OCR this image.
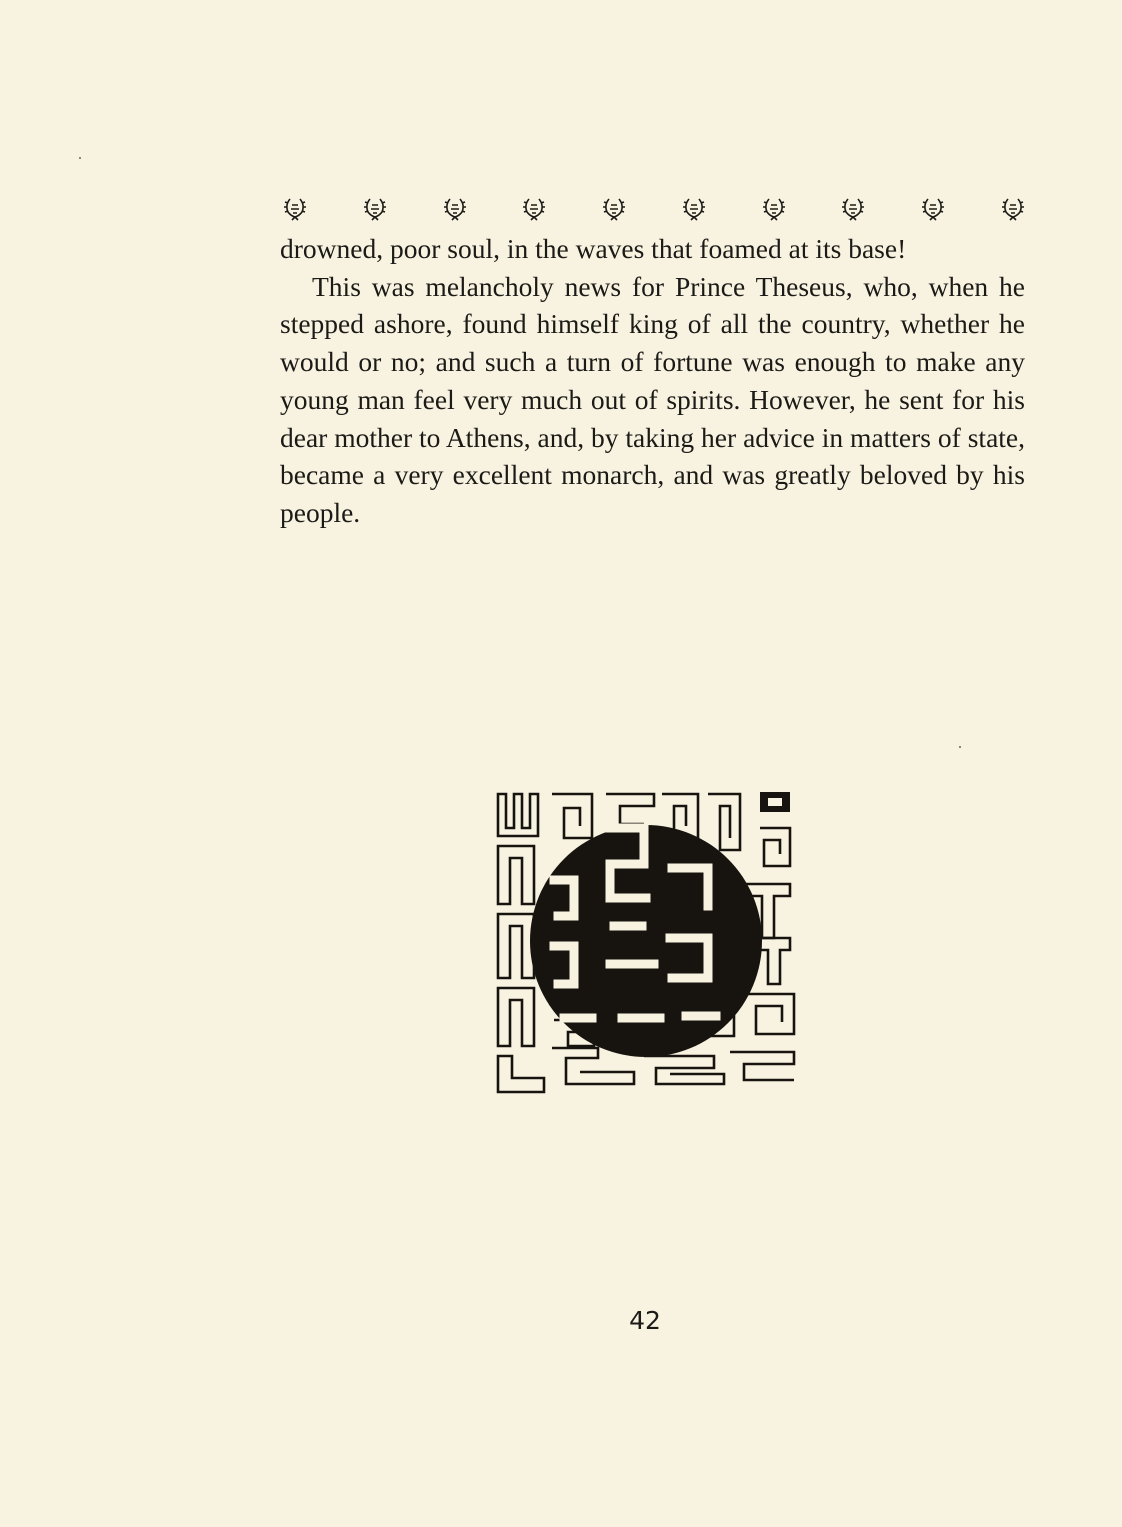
drowned, poor soul, in the waves that foamed at its base!

This was melancholy news for Prince Theseus, who, when he stepped ashore, found himself king of all the country, whether he would or no; and such a turn of fortune was enough to make any young man feel very much out of spirits. However, he sent for his dear mother to Athens, and, by taking her advice in matters of state, became a very excellent monarch, and was greatly beloved by his people.

42
